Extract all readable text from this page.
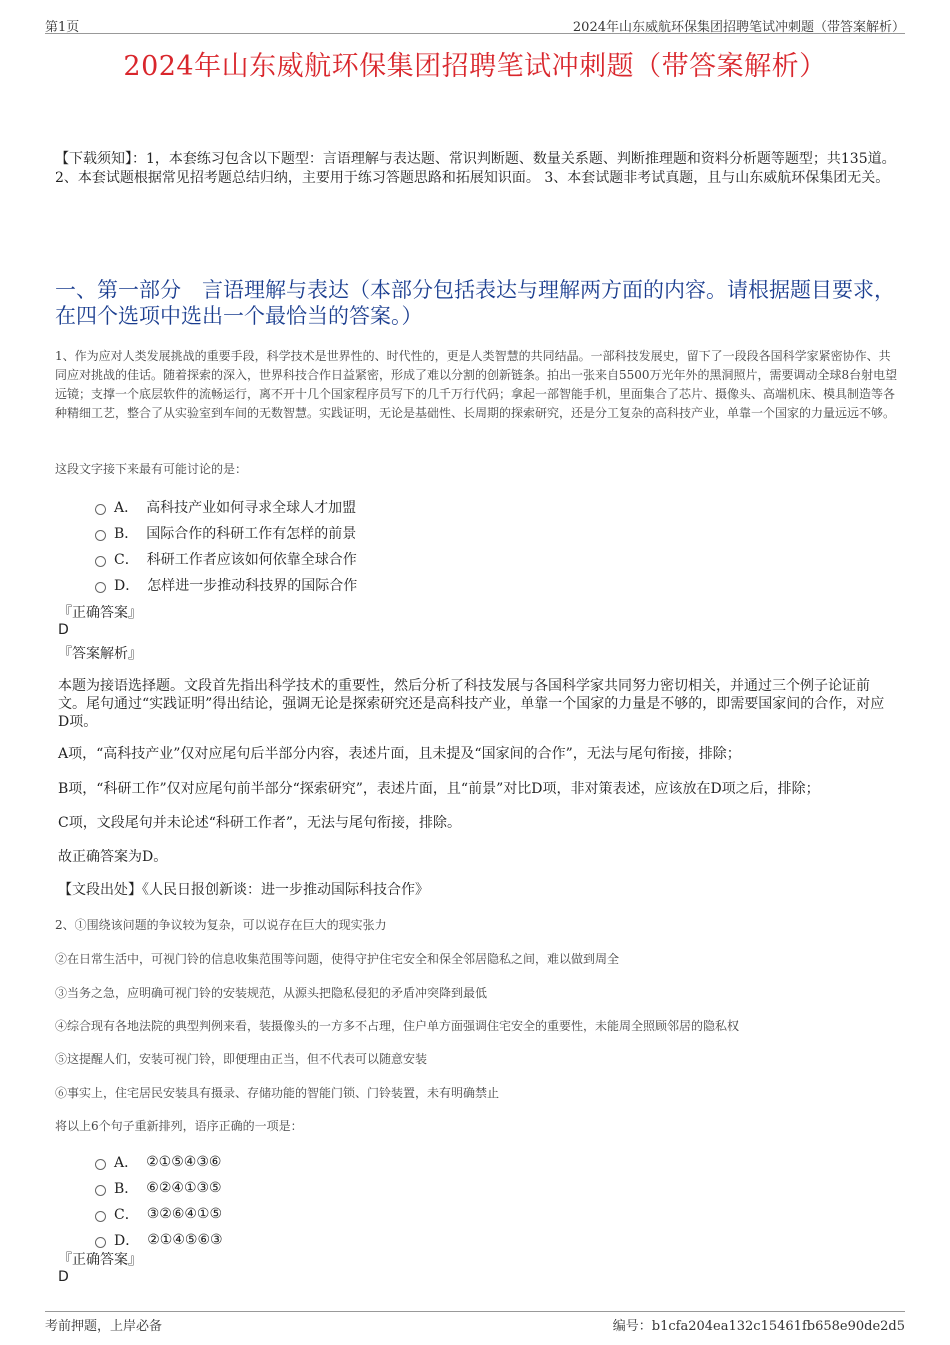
第1页	2024年山东威航环保集团招聘笔试冲刺题（带答案解析）
2024年山东威航环保集团招聘笔试冲刺题（带答案解析）
【下载须知】：1，本套练习包含以下题型：言语理解与表达题、常识判断题、数量关系题、判断推理题和资料分析题等题型；共135道。 2、本套试题根据常见招考题总结归纳，主要用于练习答题思路和拓展知识面。 3、本套试题非考试真题，且与山东威航环保集团无关。
一、第一部分　言语理解与表达（本部分包括表达与理解两方面的内容。请根据题目要求，在四个选项中选出一个最恰当的答案。）
1、作为应对人类发展挑战的重要手段，科学技术是世界性的、时代性的，更是人类智慧的共同结晶。一部科技发展史，留下了一段段各国科学家紧密协作、共同应对挑战的佳话。随着探索的深入，世界科技合作日益紧密，形成了难以分割的创新链条。拍出一张来自5500万光年外的黑洞照片，需要调动全球8台射电望远镜；支撑一个底层软件的流畅运行，离不开十几个国家程序员写下的几千万行代码；拿起一部智能手机，里面集合了芯片、摄像头、高端机床、模具制造等各种精细工艺，整合了从实验室到车间的无数智慧。实践证明，无论是基础性、长周期的探索研究，还是分工复杂的高科技产业，单靠一个国家的力量远远不够。
这段文字接下来最有可能讨论的是：
A． 高科技产业如何寻求全球人才加盟
B． 国际合作的科研工作有怎样的前景
C． 科研工作者应该如何依靠全球合作
D． 怎样进一步推动科技界的国际合作
『正确答案』
D
『答案解析』
本题为接语选择题。文段首先指出科学技术的重要性，然后分析了科技发展与各国科学家共同努力密切相关，并通过三个例子论证前文。尾句通过“实践证明”得出结论，强调无论是探索研究还是高科技产业，单靠一个国家的力量是不够的，即需要国家间的合作，对应D项。
A项，“高科技产业”仅对应尾句后半部分内容，表述片面，且未提及“国家间的合作”，无法与尾句衔接，排除；
B项，“科研工作”仅对应尾句前半部分“探索研究”，表述片面，且“前景”对比D项，非对策表述，应该放在D项之后，排除；
C项，文段尾句并未论述“科研工作者”，无法与尾句衔接，排除。
故正确答案为D。
【文段出处】《人民日报创新谈：进一步推动国际科技合作》
2、①围绕该问题的争议较为复杂，可以说存在巨大的现实张力
②在日常生活中，可视门铃的信息收集范围等问题，使得守护住宅安全和保全邻居隐私之间，难以做到周全
③当务之急，应明确可视门铃的安装规范，从源头把隐私侵犯的矛盾冲突降到最低
④综合现有各地法院的典型判例来看，装摄像头的一方多不占理，住户单方面强调住宅安全的重要性，未能周全照顾邻居的隐私权
⑤这提醒人们，安装可视门铃，即便理由正当，但不代表可以随意安装
⑥事实上，住宅居民安装具有摄录、存储功能的智能门锁、门铃装置，未有明确禁止
将以上6个句子重新排列，语序正确的一项是：
A． ②①⑤④③⑥
B． ⑥②④①③⑤
C． ③②⑥④①⑤
D． ②①④⑤⑥③
『正确答案』
D
考前押题，上岸必备	编号：b1cfa204ea132c15461fb658e90de2d5
